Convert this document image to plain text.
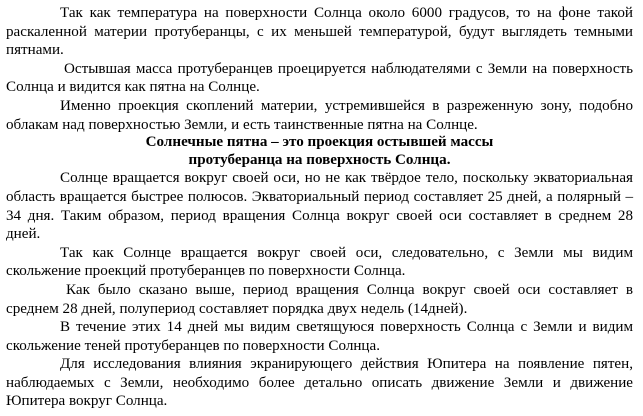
Так как температура на поверхности Солнца около 6000 градусов, то на фоне такой раскаленной материи протуберанцы, с их меньшей температурой, будут выглядеть темными пятнами.

Остывшая масса протуберанцев проецируется наблюдателями с Земли на поверхность Солнца и видится как пятна на Солнце.

Именно проекция скоплений материи, устремившейся в разреженную зону, подобно облакам над поверхностью Земли, и есть таинственные пятна на Солнце.

Солнечные пятна – это проекция остывшей массы
протуберанца на поверхность Солнца.

Солнце вращается вокруг своей оси, но не как твёрдое тело, поскольку экваториальная область вращается быстрее полюсов. Экваториальный период составляет 25 дней, а полярный – 34 дня. Таким образом, период вращения Солнца вокруг своей оси составляет в среднем 28 дней.

Так как Солнце вращается вокруг своей оси, следовательно, с Земли мы видим скольжение проекций протуберанцев по поверхности Солнца.

Как было сказано выше, период вращения Солнца вокруг своей оси составляет в среднем 28 дней, полупериод составляет порядка двух недель (14дней).

В течение этих 14 дней мы видим светящуюся поверхность Солнца с Земли и видим скольжение теней протуберанцев по поверхности Солнца.

Для исследования влияния экранирующего действия Юпитера на появление пятен, наблюдаемых с Земли, необходимо более детально описать движение Земли и движение Юпитера вокруг Солнца.
